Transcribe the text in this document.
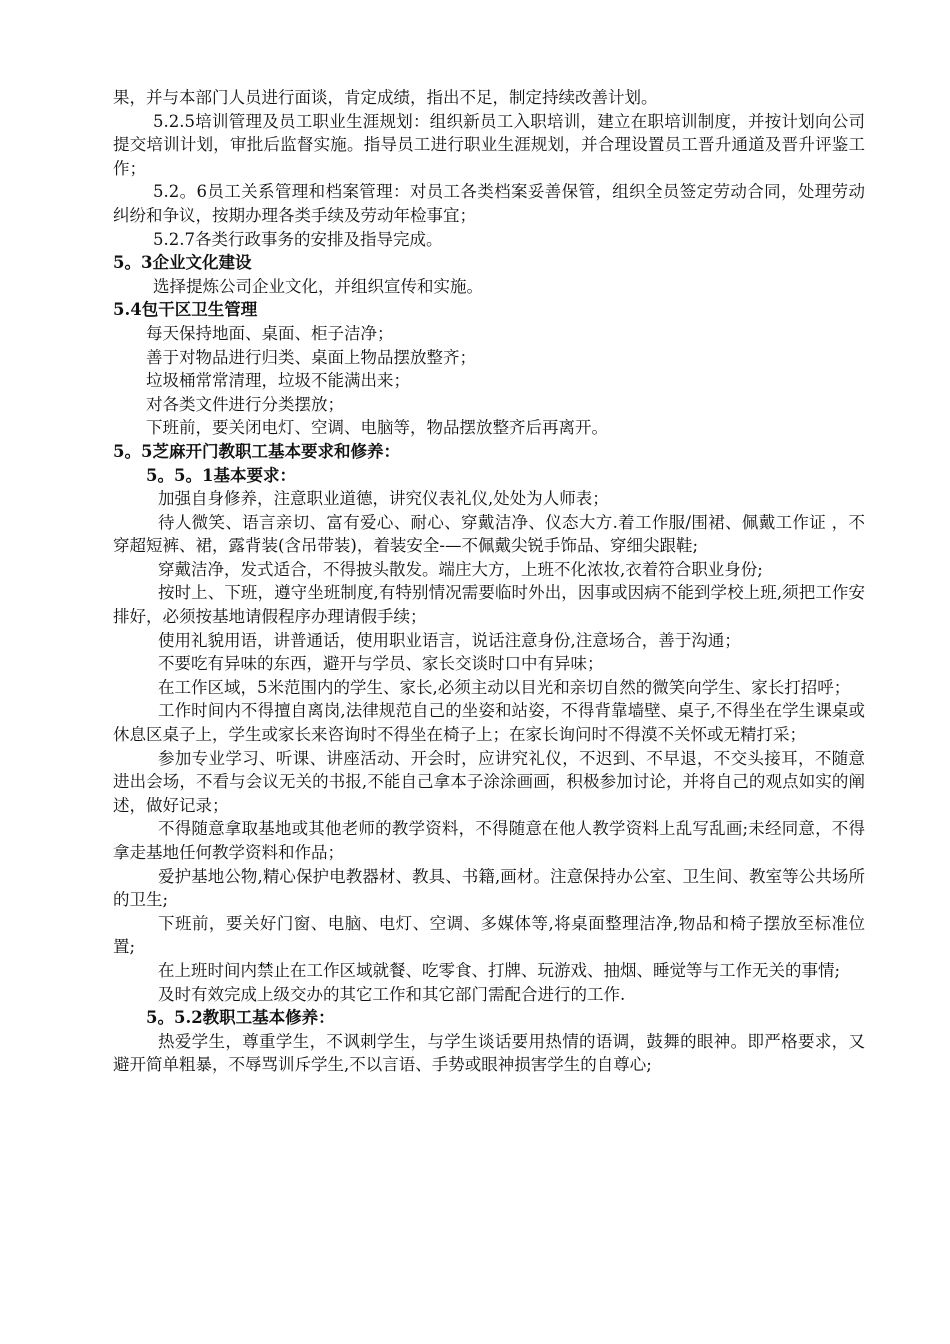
果，并与本部门人员进行面谈，肯定成绩，指出不足，制定持续改善计划。

5.2.5培训管理及员工职业生涯规划：组织新员工入职培训，建立在职培训制度，并按计划向公司提交培训计划，审批后监督实施。指导员工进行职业生涯规划，并合理设置员工晋升通道及晋升评鉴工作；

5.2。6员工关系管理和档案管理：对员工各类档案妥善保管，组织全员签定劳动合同，处理劳动纠纷和争议，按期办理各类手续及劳动年检事宜；

5.2.7各类行政事务的安排及指导完成。

5。3企业文化建设

选择提炼公司企业文化，并组织宣传和实施。

5.4包干区卫生管理

每天保持地面、桌面、柜子洁净；

善于对物品进行归类、桌面上物品摆放整齐；

垃圾桶常常清理，垃圾不能满出来；

对各类文件进行分类摆放；

下班前，要关闭电灯、空调、电脑等，物品摆放整齐后再离开。

5。5芝麻开门教职工基本要求和修养：

5。5。1基本要求：

加强自身修养，注意职业道德，讲究仪表礼仪,处处为人师表；

待人微笑、语言亲切、富有爱心、耐心、穿戴洁净、仪态大方.着工作服/围裙、佩戴工作证 ，不穿超短裤、裙，露背装(含吊带装)，着装安全-—不佩戴尖锐手饰品、穿细尖跟鞋;

穿戴洁净，发式适合，不得披头散发。端庄大方，上班不化浓妆,衣着符合职业身份;

按时上、下班，遵守坐班制度,有特别情况需要临时外出，因事或因病不能到学校上班,须把工作安排好，必须按基地请假程序办理请假手续；

使用礼貌用语，讲普通话，使用职业语言，说话注意身份,注意场合，善于沟通；

不要吃有异味的东西，避开与学员、家长交谈时口中有异味；

在工作区域，5米范围内的学生、家长,必须主动以目光和亲切自然的微笑向学生、家长打招呼；

工作时间内不得擅自离岗,法律规范自己的坐姿和站姿，不得背靠墙壁、桌子,不得坐在学生课桌或休息区桌子上，学生或家长来咨询时不得坐在椅子上；在家长询问时不得漠不关怀或无精打采；

参加专业学习、听课、讲座活动、开会时，应讲究礼仪，不迟到、不早退，不交头接耳，不随意进出会场，不看与会议无关的书报,不能自己拿本子涂涂画画，积极参加讨论，并将自己的观点如实的阐述，做好记录；

不得随意拿取基地或其他老师的教学资料，不得随意在他人教学资料上乱写乱画;未经同意，不得拿走基地任何教学资料和作品；

爱护基地公物,精心保护电教器材、教具、书籍,画材。注意保持办公室、卫生间、教室等公共场所的卫生;

下班前，要关好门窗、电脑、电灯、空调、多媒体等,将桌面整理洁净,物品和椅子摆放至标准位置;

在上班时间内禁止在工作区域就餐、吃零食、打牌、玩游戏、抽烟、睡觉等与工作无关的事情;

及时有效完成上级交办的其它工作和其它部门需配合进行的工作.

5。5.2教职工基本修养：

热爱学生，尊重学生，不讽刺学生，与学生谈话要用热情的语调，鼓舞的眼神。即严格要求，又避开简单粗暴，不辱骂训斥学生,不以言语、手势或眼神损害学生的自尊心;
